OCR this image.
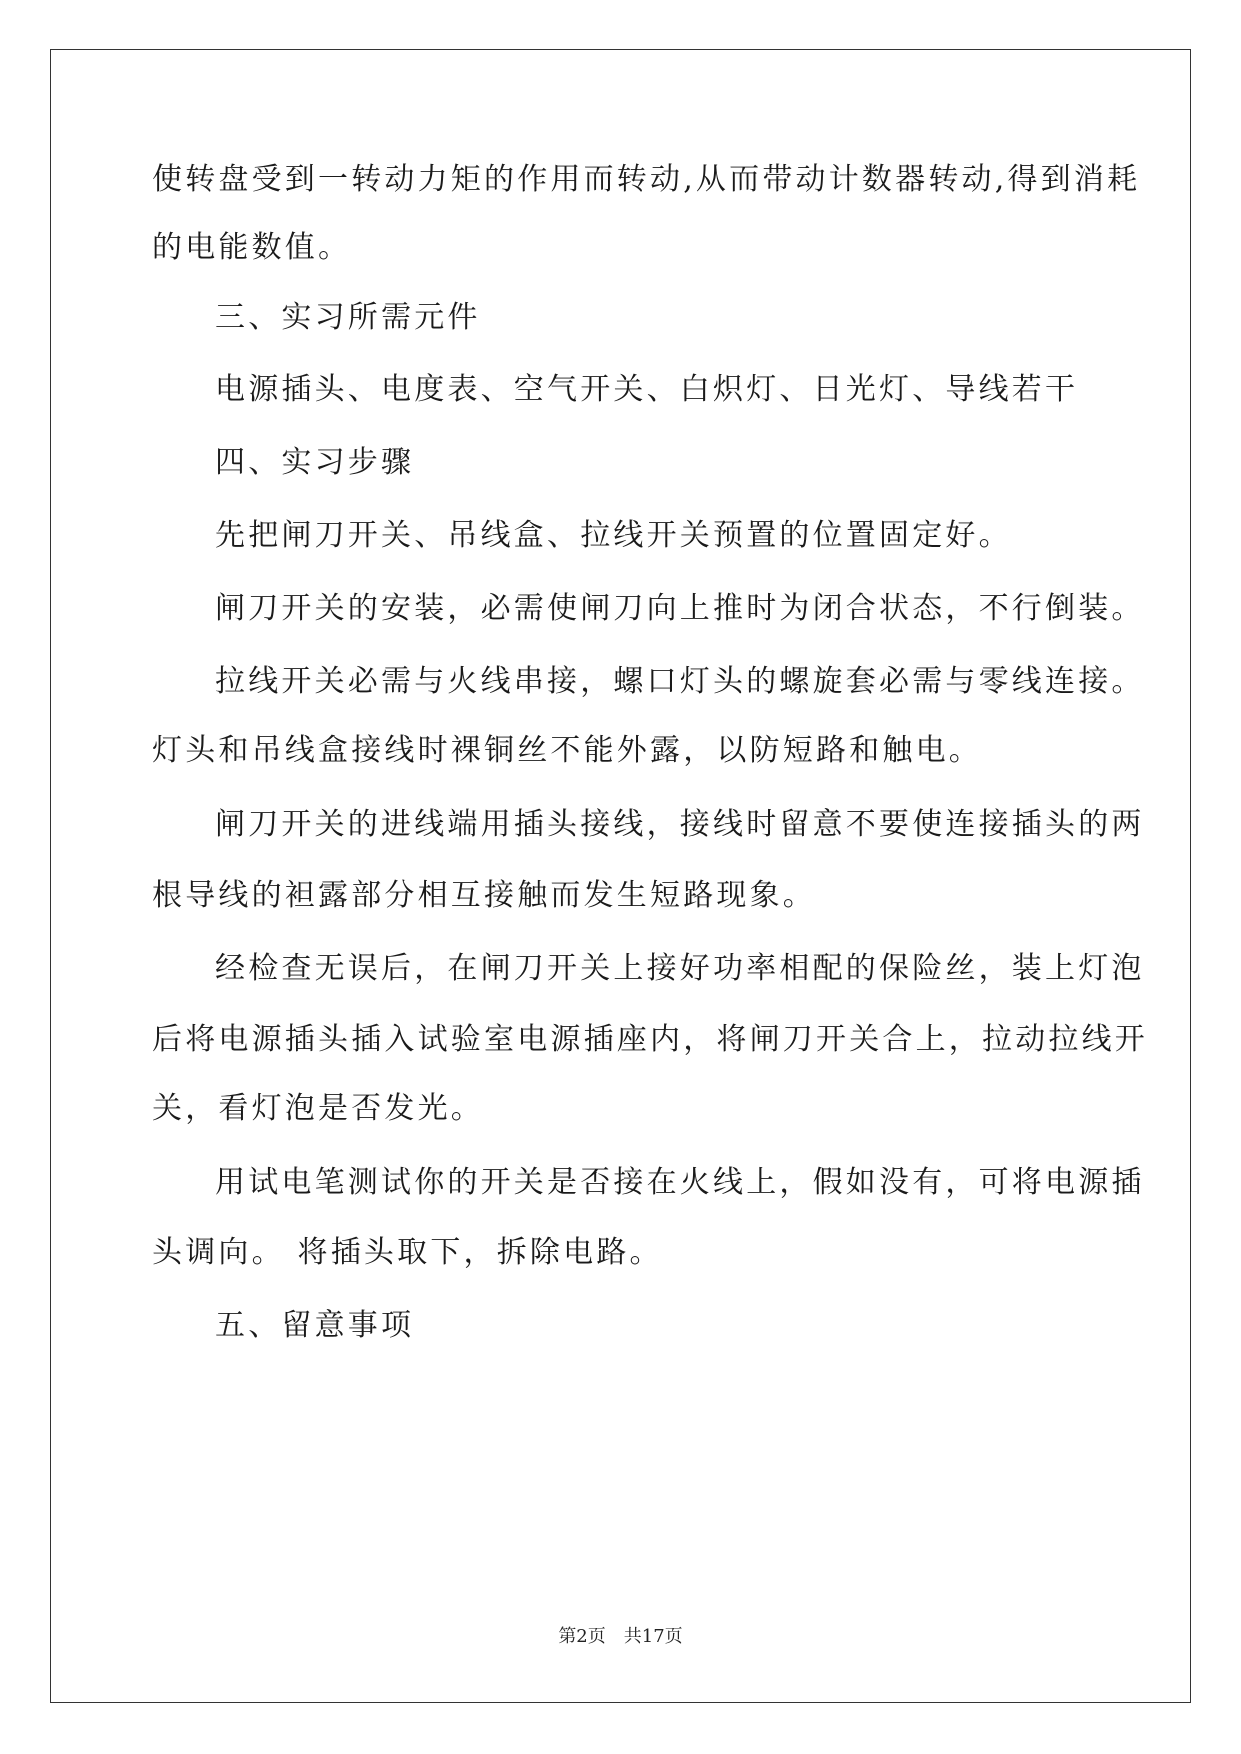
使转盘受到一转动力矩的作用而转动,从而带动计数器转动,得到消耗
的电能数值。
三、实习所需元件
电源插头、电度表、空气开关、白炽灯、日光灯、导线若干
四、实习步骤
先把闸刀开关、吊线盒、拉线开关预置的位置固定好。
闸刀开关的安装，必需使闸刀向上推时为闭合状态，不行倒装。
拉线开关必需与火线串接，螺口灯头的螺旋套必需与零线连接。
灯头和吊线盒接线时裸铜丝不能外露，以防短路和触电。
闸刀开关的进线端用插头接线，接线时留意不要使连接插头的两
根导线的袒露部分相互接触而发生短路现象。
经检查无误后，在闸刀开关上接好功率相配的保险丝，装上灯泡
后将电源插头插入试验室电源插座内，将闸刀开关合上，拉动拉线开
关，看灯泡是否发光。
用试电笔测试你的开关是否接在火线上，假如没有，可将电源插
头调向。 将插头取下，拆除电路。
五、留意事项
第2页 共17页
